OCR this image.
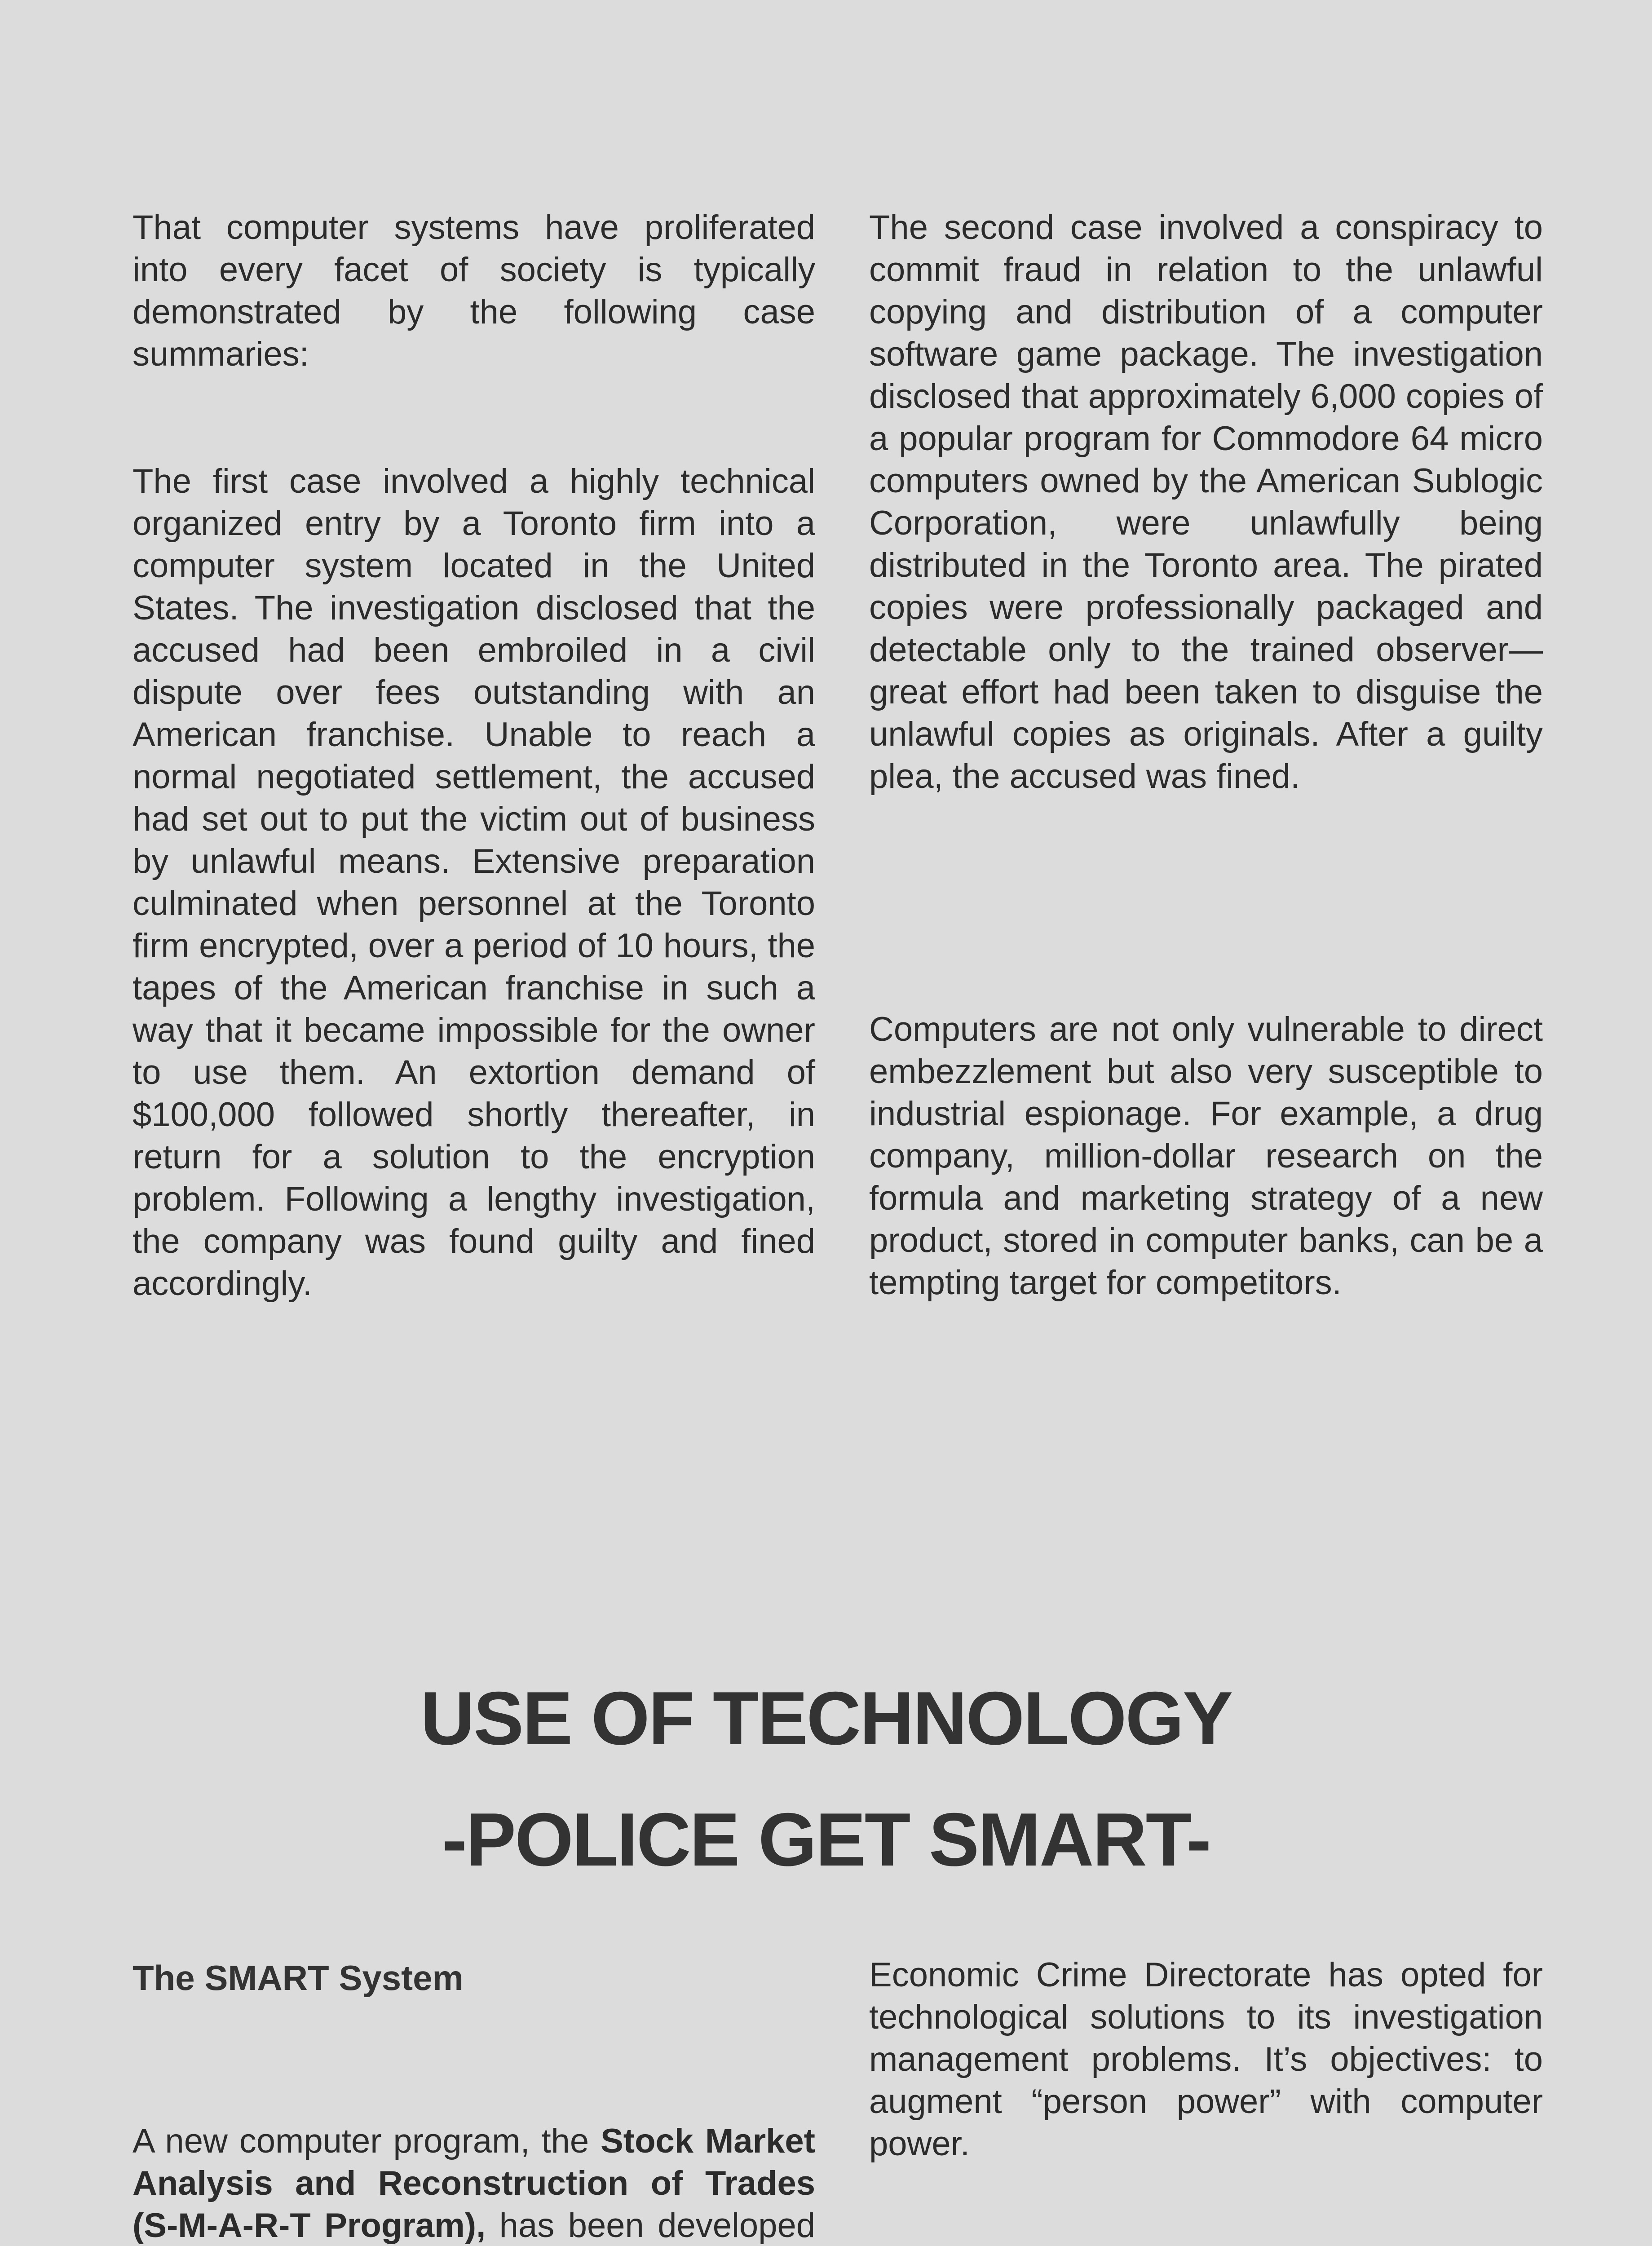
That computer systems have proliferated into every facet of society is typically demonstrated by the following case summaries:

The first case involved a highly technical organized entry by a Toronto firm into a computer system located in the United States. The investigation disclosed that the accused had been embroiled in a civil dispute over fees outstanding with an American franchise. Unable to reach a normal negotiated settlement, the accused had set out to put the victim out of business by unlawful means. Extensive preparation culminated when personnel at the Toronto firm encrypted, over a period of 10 hours, the tapes of the American franchise in such a way that it became impossible for the owner to use them. An extortion demand of $100,000 followed shortly thereafter, in return for a solution to the encryption problem. Following a lengthy investigation, the company was found guilty and fined accordingly.

The second case involved a conspiracy to commit fraud in relation to the unlawful copying and distribution of a computer software game package. The investigation disclosed that approximately 6,000 copies of a popular program for Commodore 64 micro computers owned by the American Sublogic Corporation, were unlawfully being distributed in the Toronto area. The pirated copies were professionally packaged and detectable only to the trained observer—great effort had been taken to disguise the unlawful copies as originals. After a guilty plea, the accused was fined.

Computers are not only vulnerable to direct embezzlement but also very susceptible to industrial espionage. For example, a drug company, million-dollar research on the formula and marketing strategy of a new product, stored in computer banks, can be a tempting target for competitors.

USE OF TECHNOLOGY
-POLICE GET SMART-
The SMART System

A new computer program, the Stock Market Analysis and Reconstruction of Trades (S-M-A-R-T Program), has been developed

Economic Crime Directorate has opted for technological solutions to its investigation management problems. It’s objectives: to augment “person power” with computer power.
